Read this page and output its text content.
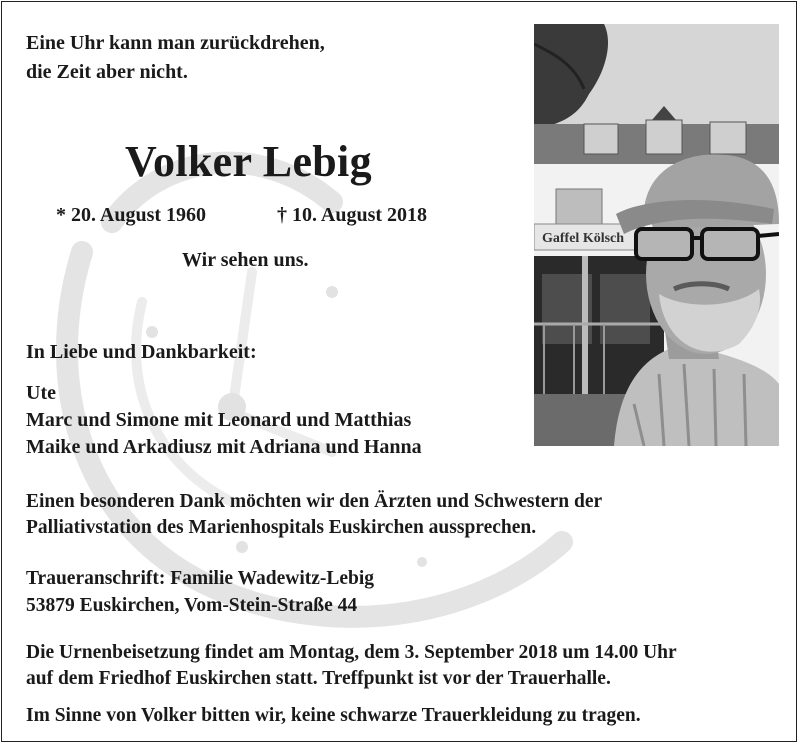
Eine Uhr kann man zurückdrehen,
die Zeit aber nicht.
Volker Lebig
* 20. August 1960	† 10. August 2018
Wir sehen uns.
In Liebe und Dankbarkeit:
Ute
Marc und Simone mit Leonard und Matthias
Maike und Arkadiusz mit Adriana und Hanna
Einen besonderen Dank möchten wir den Ärzten und Schwestern der
Palliativstation des Marienhospitals Euskirchen aussprechen.
Traueranschrift: Familie Wadewitz-Lebig
53879 Euskirchen, Vom-Stein-Straße 44
Die Urnenbeisetzung findet am Montag, dem 3. September 2018 um 14.00 Uhr
auf dem Friedhof Euskirchen statt. Treffpunkt ist vor der Trauerhalle.
Im Sinne von Volker bitten wir, keine schwarze Trauerkleidung zu tragen.
Gaffel Kölsch
